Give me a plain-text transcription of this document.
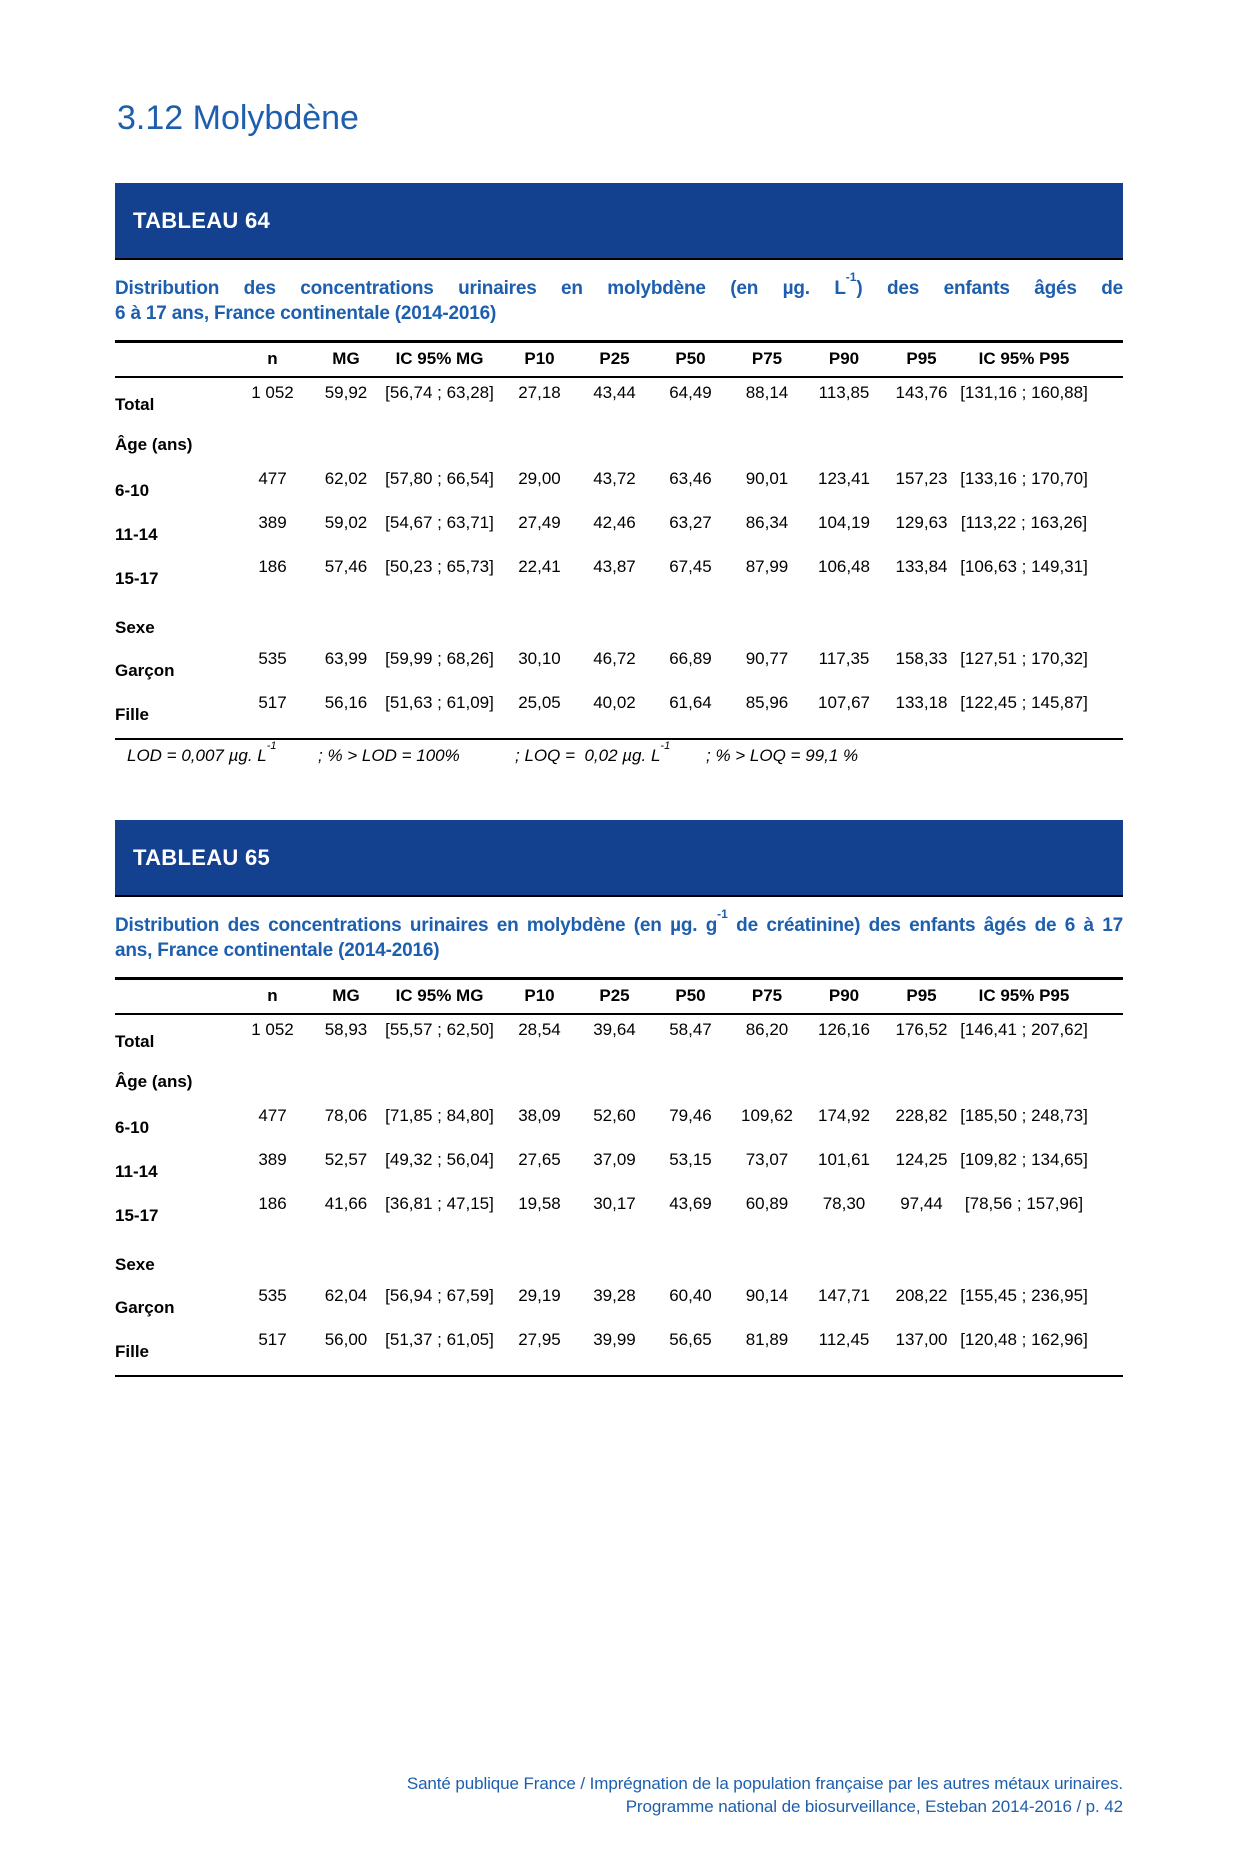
3.12 Molybdène
TABLEAU 64
Distribution des concentrations urinaires en molybdène (en µg. $L^{-1}$) des enfants âgés de
6 à 17 ans, France continentale (2014-2016)
n	MG	IC 95% MG	P10	P25	P50	P75	P90	P95	IC 95% P95
Total
1 052	59,92	[56,74 ; 63,28]	27,18	43,44	64,49	88,14	113,85	143,76 [131,16 ; 160,88]
Âge (ans)
6-10
477	62,02	[57,80 ; 66,54]	29,00	43,72	63,46	90,01	123,41	157,23 [133,16 ; 170,70]
11-14
389	59,02	[54,67 ; 63,71]	27,49	42,46	63,27	86,34	104,19	129,63 [113,22 ; 163,26]
15-17
186	57,46	[50,23 ; 65,73]	22,41	43,87	67,45	87,99	106,48	133,84 [106,63 ; 149,31]
Sexe
Garçon
535	63,99	[59,99 ; 68,26]	30,10	46,72	66,89	90,77	117,35	158,33 [127,51 ; 170,32]
Fille
517	56,16	[51,63 ; 61,09]	25,05	40,02	61,64	85,96	107,67	133,18 [122,45 ; 145,87]
LOD = 0,007 µg. $L^{-1}$ ; % > LOD = 100%	; LOQ =  0,02 µg. $L^{-1}$ ; % > LOQ = 99,1 %
TABLEAU 65
Distribution des concentrations urinaires en molybdène (en µg. $g^{-1}$ de créatinine) des enfants âgés de 6 à 17
ans, France continentale (2014-2016)
n	MG	IC 95% MG	P10	P25	P50	P75	P90	P95	IC 95% P95
Total
1 052	58,93	[55,57 ; 62,50]	28,54	39,64	58,47	86,20	126,16	176,52 [146,41 ; 207,62]
Âge (ans)
6-10
477	78,06	[71,85 ; 84,80]	38,09	52,60	79,46	109,62	174,92	228,82 [185,50 ; 248,73]
11-14
389	52,57	[49,32 ; 56,04]	27,65	37,09	53,15	73,07	101,61	124,25 [109,82 ; 134,65]
15-17
186	41,66	[36,81 ; 47,15]	19,58	30,17	43,69	60,89	78,30	97,44	[78,56 ; 157,96]
Sexe
Garçon
535	62,04	[56,94 ; 67,59]	29,19	39,28	60,40	90,14	147,71	208,22 [155,45 ; 236,95]
Fille
517	56,00	[51,37 ; 61,05]	27,95	39,99	56,65	81,89	112,45	137,00 [120,48 ; 162,96]
Santé publique France / Imprégnation de la population française par les autres métaux urinaires.
Programme national de biosurveillance, Esteban 2014-2016 / p. 42
